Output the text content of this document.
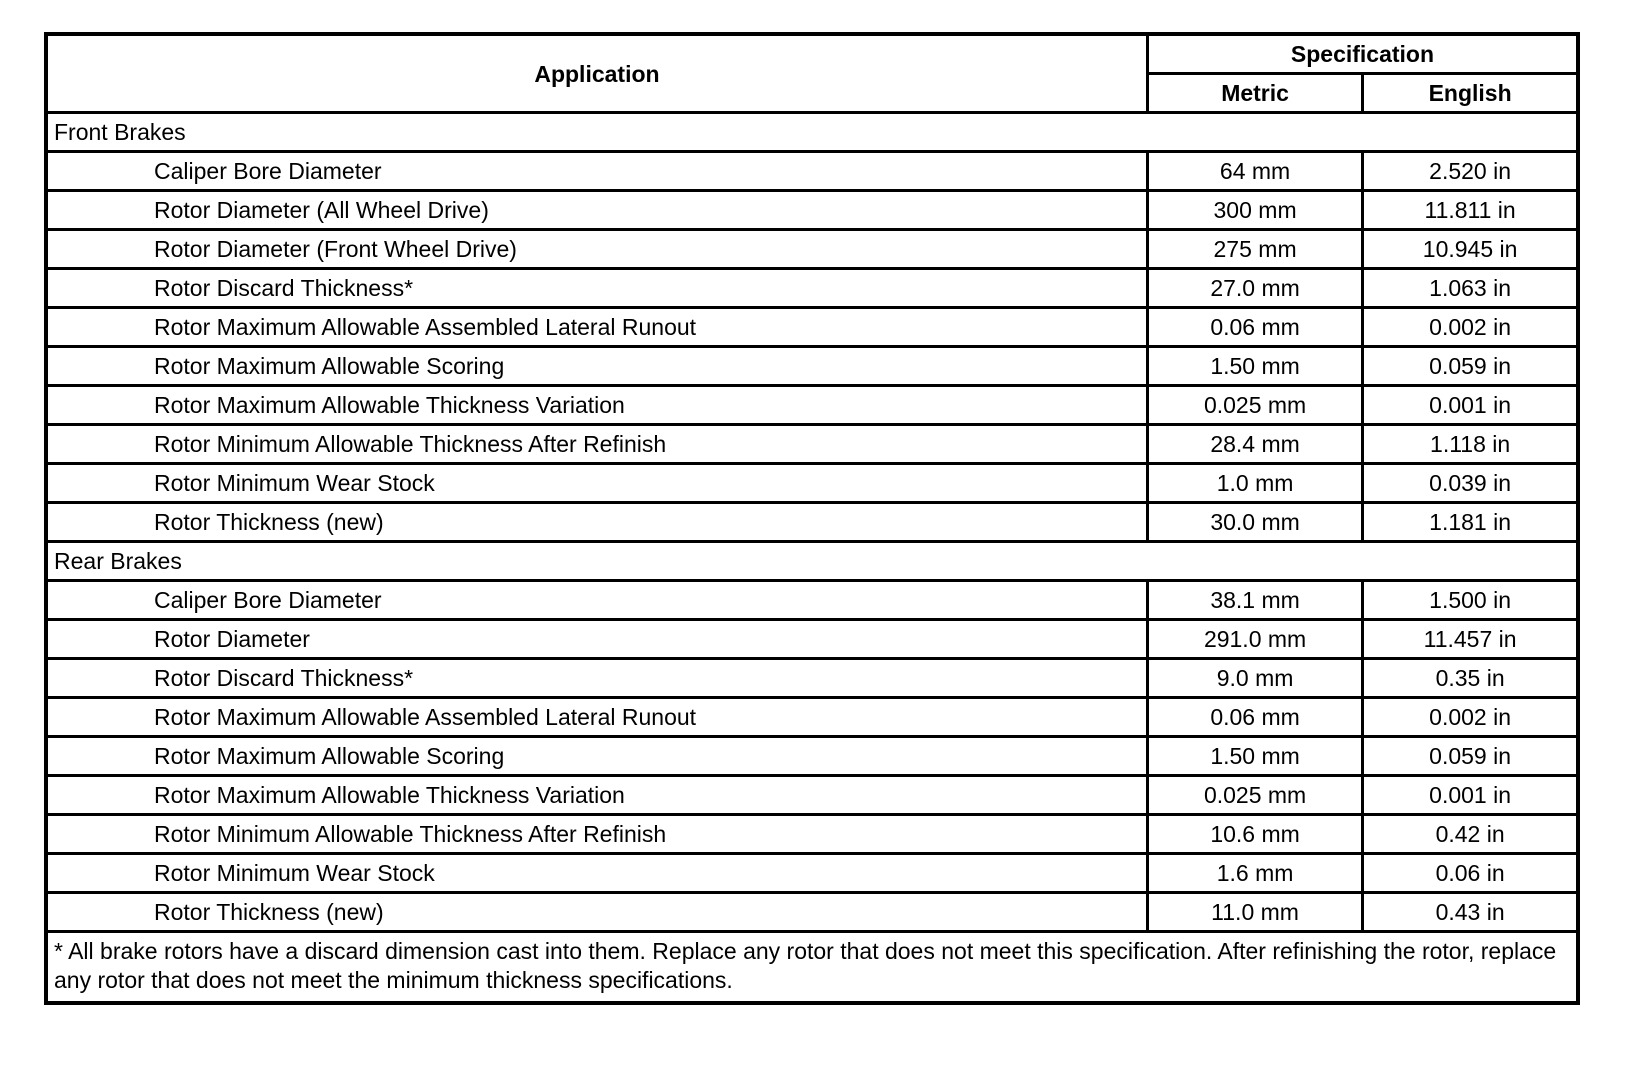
Application	Specification	
	Metric	English
Front Brakes		
Caliper Bore Diameter	64 mm	2.520 in
Rotor Diameter (All Wheel Drive)	300 mm	11.811 in
Rotor Diameter (Front Wheel Drive)	275 mm	10.945 in
Rotor Discard Thickness*	27.0 mm	1.063 in
Rotor Maximum Allowable Assembled Lateral Runout	0.06 mm	0.002 in
Rotor Maximum Allowable Scoring	1.50 mm	0.059 in
Rotor Maximum Allowable Thickness Variation	0.025 mm	0.001 in
Rotor Minimum Allowable Thickness After Refinish	28.4 mm	1.118 in
Rotor Minimum Wear Stock	1.0 mm	0.039 in
Rotor Thickness (new)	30.0 mm	1.181 in
Rear Brakes		
Caliper Bore Diameter	38.1 mm	1.500 in
Rotor Diameter	291.0 mm	11.457 in
Rotor Discard Thickness*	9.0 mm	0.35 in
Rotor Maximum Allowable Assembled Lateral Runout	0.06 mm	0.002 in
Rotor Maximum Allowable Scoring	1.50 mm	0.059 in
Rotor Maximum Allowable Thickness Variation	0.025 mm	0.001 in
Rotor Minimum Allowable Thickness After Refinish	10.6 mm	0.42 in
Rotor Minimum Wear Stock	1.6 mm	0.06 in
Rotor Thickness (new)	11.0 mm	0.43 in
* All brake rotors have a discard dimension cast into them. Replace any rotor that does not meet this specification. After refinishing the rotor, replace any rotor that does not meet the minimum thickness specifications.		
